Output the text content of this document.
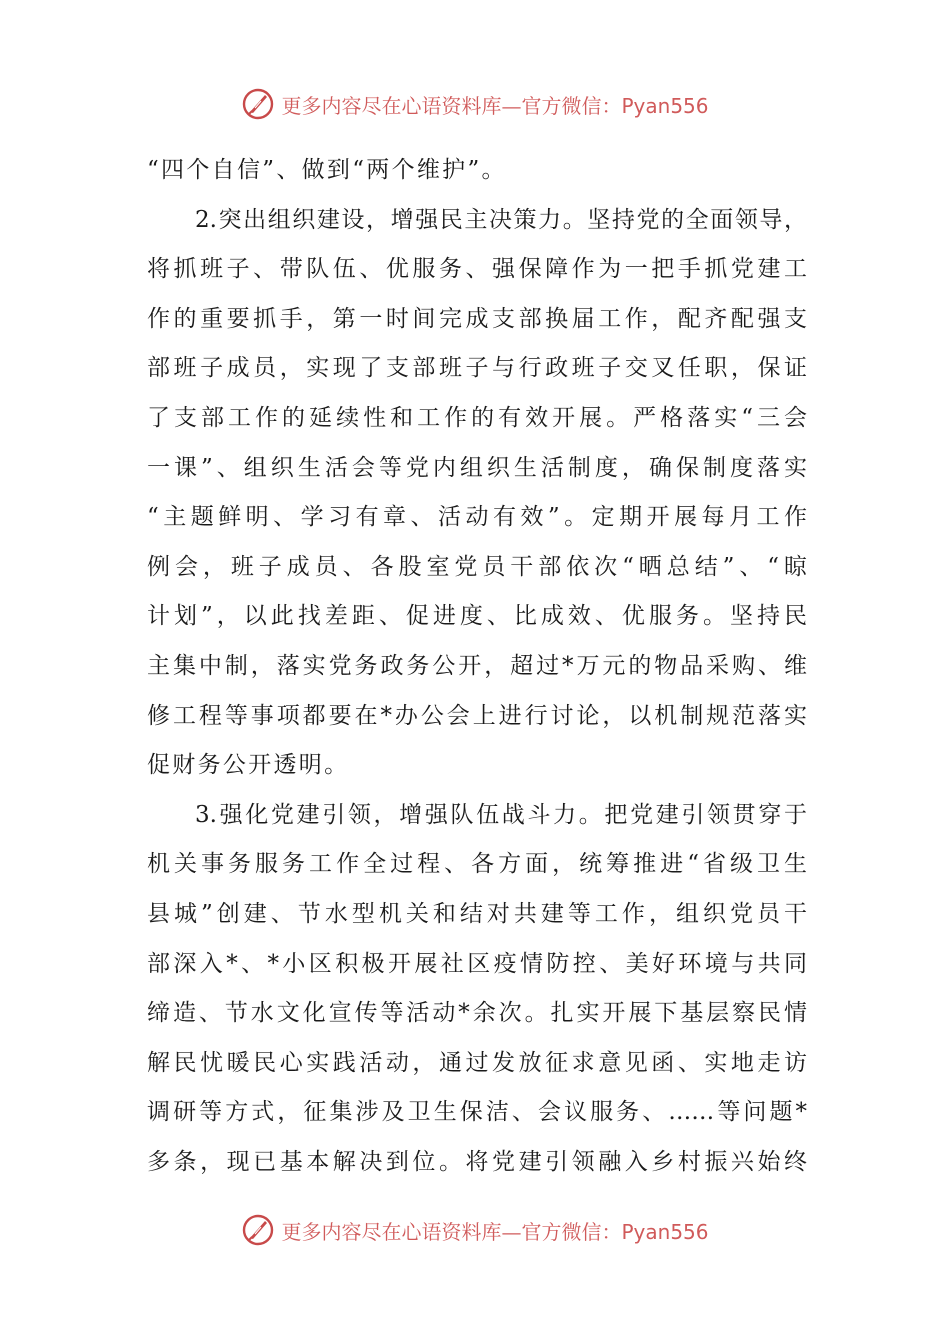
更多内容尽在心语资料库—官方微信：Pyan556
“四个自信”、做到“两个维护”。
2.突出组织建设，增强民主决策力。坚持党的全面领导，
将抓班子、带队伍、优服务、强保障作为一把手抓党建工
作的重要抓手，第一时间完成支部换届工作，配齐配强支
部班子成员，实现了支部班子与行政班子交叉任职，保证
了支部工作的延续性和工作的有效开展。严格落实“三会
一课”、组织生活会等党内组织生活制度，确保制度落实
“主题鲜明、学习有章、活动有效”。定期开展每月工作
例会，班子成员、各股室党员干部依次“晒总结”、“晾
计划”，以此找差距、促进度、比成效、优服务。坚持民
主集中制，落实党务政务公开，超过*万元的物品采购、维
修工程等事项都要在*办公会上进行讨论，以机制规范落实
促财务公开透明。
3.强化党建引领，增强队伍战斗力。把党建引领贯穿于
机关事务服务工作全过程、各方面，统筹推进“省级卫生
县城”创建、节水型机关和结对共建等工作，组织党员干
部深入*、*小区积极开展社区疫情防控、美好环境与共同
缔造、节水文化宣传等活动*余次。扎实开展下基层察民情
解民忧暖民心实践活动，通过发放征求意见函、实地走访
调研等方式，征集涉及卫生保洁、会议服务、……等问题*
多条，现已基本解决到位。将党建引领融入乡村振兴始终
更多内容尽在心语资料库—官方微信：Pyan556
